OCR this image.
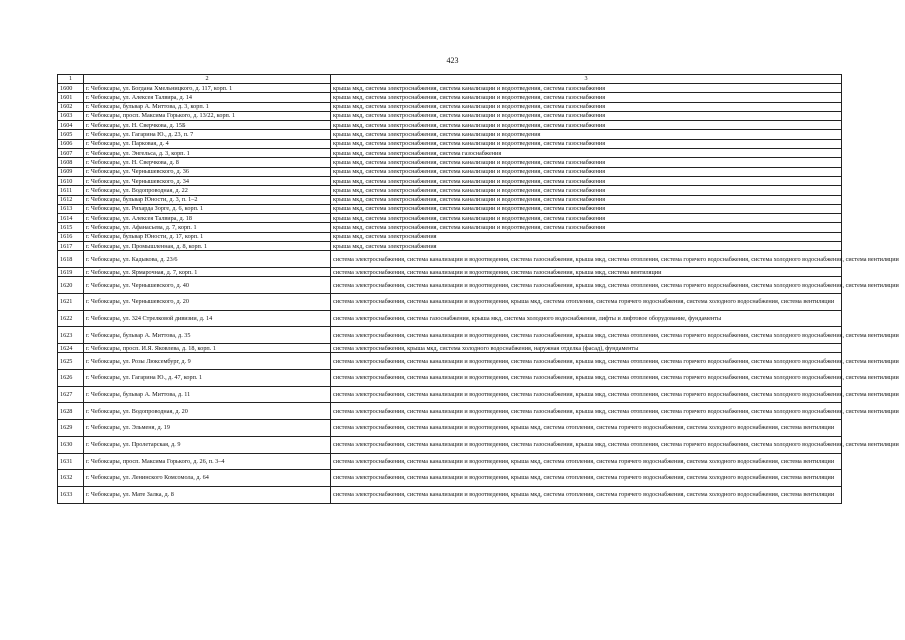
423
1	2	3
1600	г. Чебоксары, ул. Богдана Хмельницкого, д. 117, корп. 1	крыша мкд, система электроснабжения, система канализации и водоотведения, система газоснабжения
1601	г. Чебоксары, ул. Алексея Талвира, д. 14	крыша мкд, система электроснабжения, система канализации и водоотведения, система газоснабжения
1602	г. Чебоксары, бульвар А. Миттова, д. 3, корп. 1	крыша мкд, система электроснабжения, система канализации и водоотведения, система газоснабжения
1603	г. Чебоксары, просп. Максима Горького, д. 13/22, корп. 1	крыша мкд, система электроснабжения, система канализации и водоотведения, система газоснабжения
1604	г. Чебоксары, ул. Н. Сверчкова, д. 15Б	крыша мкд, система электроснабжения, система канализации и водоотведения, система газоснабжения
1605	г. Чебоксары, ул. Гагарина Ю., д. 23, п. 7	крыша мкд, система электроснабжения, система канализации и водоотведения
1606	г. Чебоксары, ул. Парковая, д. 4	крыша мкд, система электроснабжения, система канализации и водоотведения, система газоснабжения
1607	г. Чебоксары, ул. Энгельса, д. 3, корп. 1	крыша мкд, система электроснабжения, система газоснабжения
1608	г. Чебоксары, ул. Н. Сверчкова, д. 8	крыша мкд, система электроснабжения, система канализации и водоотведения, система газоснабжения
1609	г. Чебоксары, ул. Чернышевского, д. 36	крыша мкд, система электроснабжения, система канализации и водоотведения, система газоснабжения
1610	г. Чебоксары, ул. Чернышевского, д. 34	крыша мкд, система электроснабжения, система канализации и водоотведения, система газоснабжения
1611	г. Чебоксары, ул. Водопроводная, д. 22	крыша мкд, система электроснабжения, система канализации и водоотведения, система газоснабжения
1612	г. Чебоксары, бульвар Юности, д. 3, п. 1–2	крыша мкд, система электроснабжения, система канализации и водоотведения, система газоснабжения
1613	г. Чебоксары, ул. Рихарда Зорге, д. 6, корп. 1	крыша мкд, система электроснабжения, система канализации и водоотведения, система газоснабжения
1614	г. Чебоксары, ул. Алексея Талвира, д. 18	крыша мкд, система электроснабжения, система канализации и водоотведения, система газоснабжения
1615	г. Чебоксары, ул. Афанасьева, д. 7, корп. 1	крыша мкд, система электроснабжения, система канализации и водоотведения, система газоснабжения
1616	г. Чебоксары, бульвар Юности, д. 17, корп. 1	крыша мкд, система электроснабжения
1617	г. Чебоксары, ул. Промышленная, д. 8, корп. 1	крыша мкд, система электроснабжения
1618	г. Чебоксары, ул. Кадыкова, д. 23/6	система электроснабжения, система канализации и водоотведения, система газоснабжения, крыша мкд, система отопления, система горячего водоснабжения, система холодного водоснабжения, система вентиляции
1619	г. Чебоксары, ул. Ярмарочная, д. 7, корп. 1	система электроснабжения, система канализации и водоотведения, система газоснабжения, крыша мкд, система вентиляции
1620	г. Чебоксары, ул. Чернышевского, д. 40	система электроснабжения, система канализации и водоотведения, система газоснабжения, крыша мкд, система отопления, система горячего водоснабжения, система холодного водоснабжения, система вентиляции
1621	г. Чебоксары, ул. Чернышевского, д. 20	система электроснабжения, система канализации и водоотведения, крыша мкд, система отопления, система горячего водоснабжения, система холодного водоснабжения, система вентиляции
1622	г. Чебоксары, ул. 324 Стрелковой дивизии, д. 14	система электроснабжения, система газоснабжения, крыша мкд, система холодного водоснабжения, лифты и лифтовое оборудование, фундаменты
1623	г. Чебоксары, бульвар А. Миттова, д. 35	система электроснабжения, система канализации и водоотведения, система газоснабжения, крыша мкд, система отопления, система горячего водоснабжения, система холодного водоснабжения, система вентиляции
1624	г. Чебоксары, просп. И.Я. Яковлева, д. 18, корп. 1	система электроснабжения, крыша мкд, система холодного водоснабжения, наружная отделка (фасад), фундаменты
1625	г. Чебоксары, ул. Розы Люксембург, д. 9	система электроснабжения, система канализации и водоотведения, система газоснабжения, крыша мкд, система отопления, система горячего водоснабжения, система холодного водоснабжения, система вентиляции
1626	г. Чебоксары, ул. Гагарина Ю., д. 47, корп. 1	система электроснабжения, система канализации и водоотведения, система газоснабжения, крыша мкд, система отопления, система горячего водоснабжения, система холодного водоснабжения, система вентиляции
1627	г. Чебоксары, бульвар А. Миттова, д. 11	система электроснабжения, система канализации и водоотведения, система газоснабжения, крыша мкд, система отопления, система горячего водоснабжения, система холодного водоснабжения, система вентиляции
1628	г. Чебоксары, ул. Водопроводная, д. 20	система электроснабжения, система канализации и водоотведения, система газоснабжения, крыша мкд, система отопления, система горячего водоснабжения, система холодного водоснабжения, система вентиляции
1629	г. Чебоксары, ул. Эльменя, д. 19	система электроснабжения, система канализации и водоотведения, крыша мкд, система отопления, система горячего водоснабжения, система холодного водоснабжения, система вентиляции
1630	г. Чебоксары, ул. Пролетарская, д. 9	система электроснабжения, система канализации и водоотведения, система газоснабжения, крыша мкд, система отопления, система горячего водоснабжения, система холодного водоснабжения, система вентиляции
1631	г. Чебоксары, просп. Максима Горького, д. 26, п. 3–4	система электроснабжения, система канализации и водоотведения, крыша мкд, система отопления, система горячего водоснабжения, система холодного водоснабжения, система вентиляции
1632	г. Чебоксары, ул. Ленинского Комсомола, д. 64	система электроснабжения, система канализации и водоотведения, крыша мкд, система отопления, система горячего водоснабжения, система холодного водоснабжения, система вентиляции
1633	г. Чебоксары, ул. Мате Залка, д. 8	система электроснабжения, система канализации и водоотведения, крыша мкд, система отопления, система горячего водоснабжения, система холодного водоснабжения, система вентиляции
